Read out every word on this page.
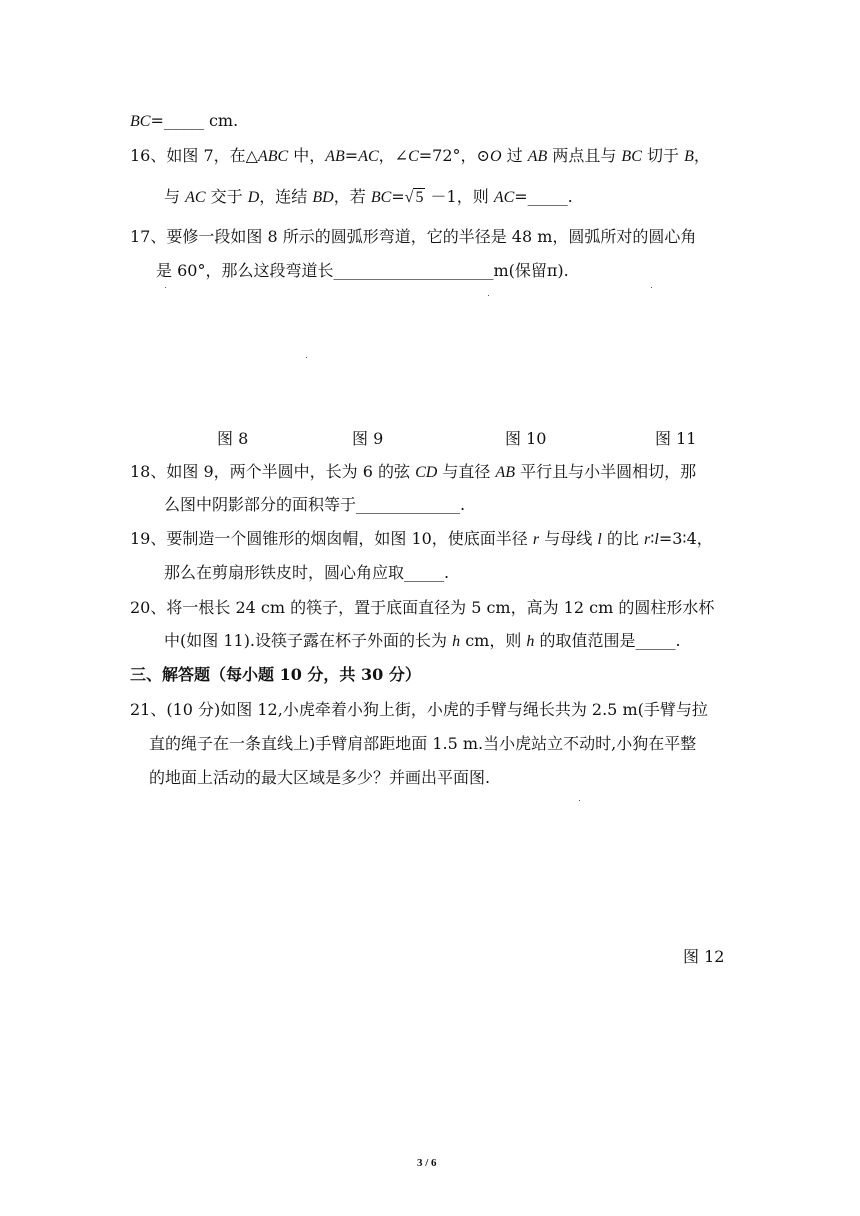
BC=_____ cm.
16、如图 7，在△ABC 中，AB=AC，∠C=72°，⊙O 过 AB 两点且与 BC 切于 B，
与 AC 交于 D，连结 BD，若 BC=√ 5 －1，则 AC=_____.
17、要修一段如图 8 所示的圆弧形弯道，它的半径是 48 m，圆弧所对的圆心角
是 60°，那么这段弯道长____________________m(保留π).
图 8	图 9	图 10	图 11
18、如图 9，两个半圆中，长为 6 的弦 CD 与直径 AB 平行且与小半圆相切，那
么图中阴影部分的面积等于_____________.
19、要制造一个圆锥形的烟囱帽，如图 10，使底面半径 r 与母线 l 的比 r∶l=3∶4，
那么在剪扇形铁皮时，圆心角应取_____.
20、将一根长 24 cm 的筷子，置于底面直径为 5 cm，高为 12 cm 的圆柱形水杯
中(如图 11).设筷子露在杯子外面的长为 h cm，则 h 的取值范围是_____.
三、解答题（每小题 10 分，共 30 分）
21、(10 分)如图 12,小虎牵着小狗上街，小虎的手臂与绳长共为 2.5 m(手臂与拉
直的绳子在一条直线上)手臂肩部距地面 1.5 m.当小虎站立不动时,小狗在平整
的地面上活动的最大区域是多少？并画出平面图.
图 12
3 / 6
